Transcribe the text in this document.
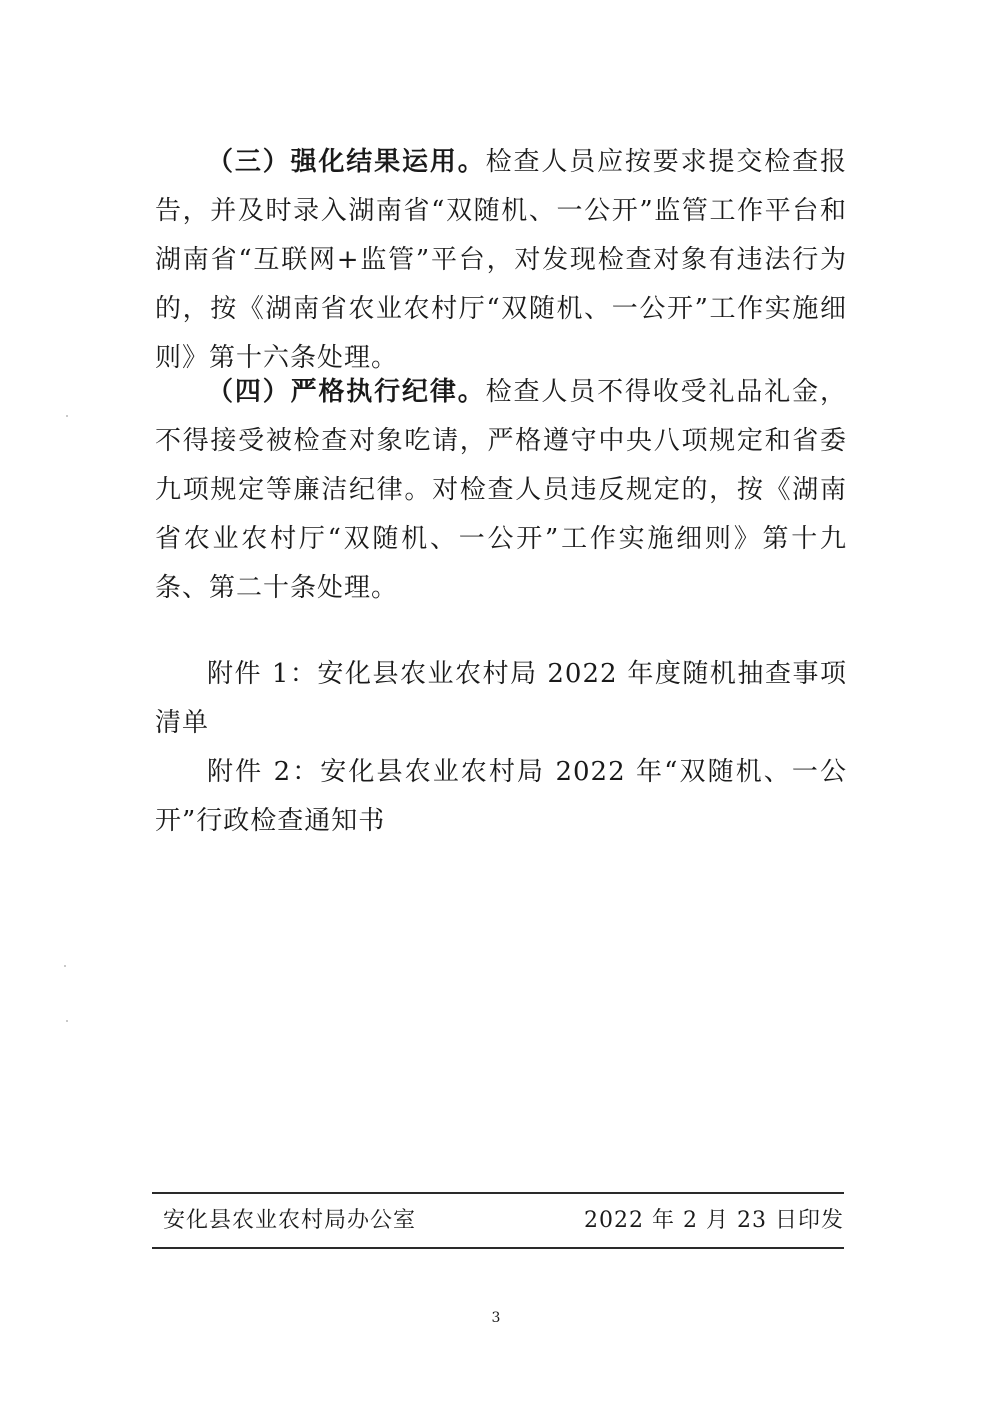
（三）强化结果运用。检查人员应按要求提交检查报告，并及时录入湖南省“双随机、一公开”监管工作平台和湖南省“互联网+监管”平台，对发现检查对象有违法行为的，按《湖南省农业农村厅“双随机、一公开”工作实施细则》第十六条处理。

（四）严格执行纪律。检查人员不得收受礼品礼金，不得接受被检查对象吃请，严格遵守中央八项规定和省委九项规定等廉洁纪律。对检查人员违反规定的，按《湖南省农业农村厅“双随机、一公开”工作实施细则》第十九条、第二十条处理。

附件 1：安化县农业农村局 2022 年度随机抽查事项清单

附件 2：安化县农业农村局 2022 年“双随机、一公开”行政检查通知书

安化县农业农村局办公室	2022 年 2 月 23 日印发
3
